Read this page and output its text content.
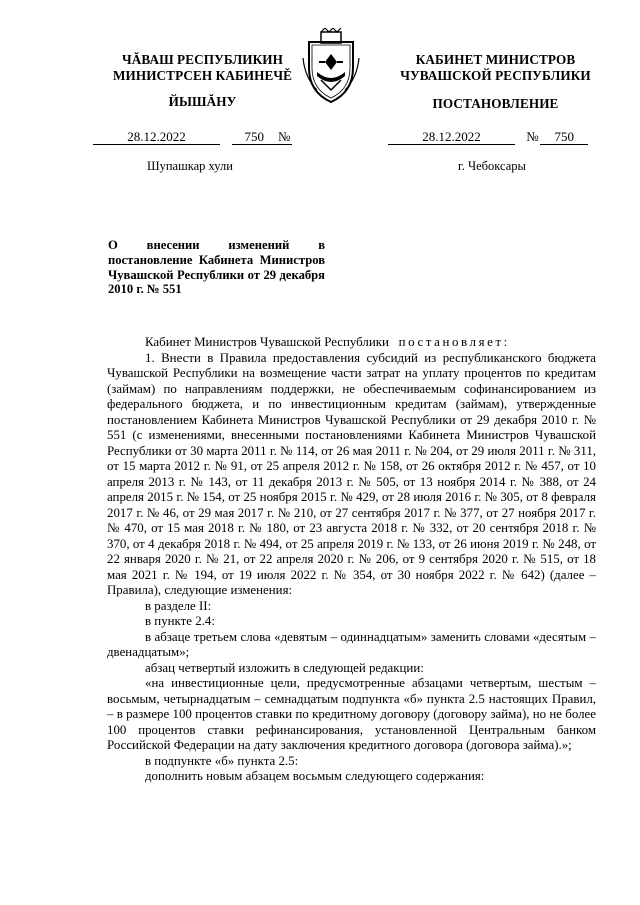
ЧĂВАШ РЕСПУБЛИКИН
МИНИСТРСЕН КАБИНЕЧĚ
ЙЫШĂНУ
КАБИНЕТ МИНИСТРОВ
ЧУВАШСКОЙ РЕСПУБЛИКИ
ПОСТАНОВЛЕНИЕ
28.12.2022	750 №
Шупашкар хули
28.12.2022	№ 750
г. Чебоксары
О внесении изменений в постановление Кабинета Министров Чувашской Республики от 29 декабря 2010 г. № 551

Кабинет Министров Чувашской Республики постановляет:

1. Внести в Правила предоставления субсидий из республиканского бюджета Чувашской Республики на возмещение части затрат на уплату процентов по кредитам (займам) по направлениям поддержки, не обеспечиваемым софинансированием из федерального бюджета, и по инвестиционным кредитам (займам), утвержденные постановлением Кабинета Министров Чувашской Республики от 29 декабря 2010 г. № 551 (с изменениями, внесенными постановлениями Кабинета Министров Чувашской Республики от 30 марта 2011 г. № 114, от 26 мая 2011 г. № 204, от 29 июля 2011 г. № 311, от 15 марта 2012 г. № 91, от 25 апреля 2012 г. № 158, от 26 октября 2012 г. № 457, от 10 апреля 2013 г. № 143, от 11 декабря 2013 г. № 505, от 13 ноября 2014 г. № 388, от 24 апреля 2015 г. № 154, от 25 ноября 2015 г. № 429, от 28 июля 2016 г. № 305, от 8 февраля 2017 г. № 46, от 29 мая 2017 г. № 210, от 27 сентября 2017 г. № 377, от 27 ноября 2017 г. № 470, от 15 мая 2018 г. № 180, от 23 августа 2018 г. № 332, от 20 сентября 2018 г. № 370, от 4 декабря 2018 г. № 494, от 25 апреля 2019 г. № 133, от 26 июня 2019 г. № 248, от 22 января 2020 г. № 21, от 22 апреля 2020 г. № 206, от 9 сентября 2020 г. № 515, от 18 мая 2021 г. № 194, от 19 июля 2022 г. № 354, от 30 ноября 2022 г. № 642) (далее – Правила), следующие изменения:

в разделе II:

в пункте 2.4:

в абзаце третьем слова «девятым – одиннадцатым» заменить словами «десятым – двенадцатым»;

абзац четвертый изложить в следующей редакции:

«на инвестиционные цели, предусмотренные абзацами четвертым, шестым – восьмым, четырнадцатым – семнадцатым подпункта «б» пункта 2.5 настоящих Правил, – в размере 100 процентов ставки по кредитному договору (договору займа), но не более 100 процентов ставки рефинансирования, установленной Центральным банком Российской Федерации на дату заключения кредитного договора (договора займа).»;

в подпункте «б» пункта 2.5:

дополнить новым абзацем восьмым следующего содержания:
